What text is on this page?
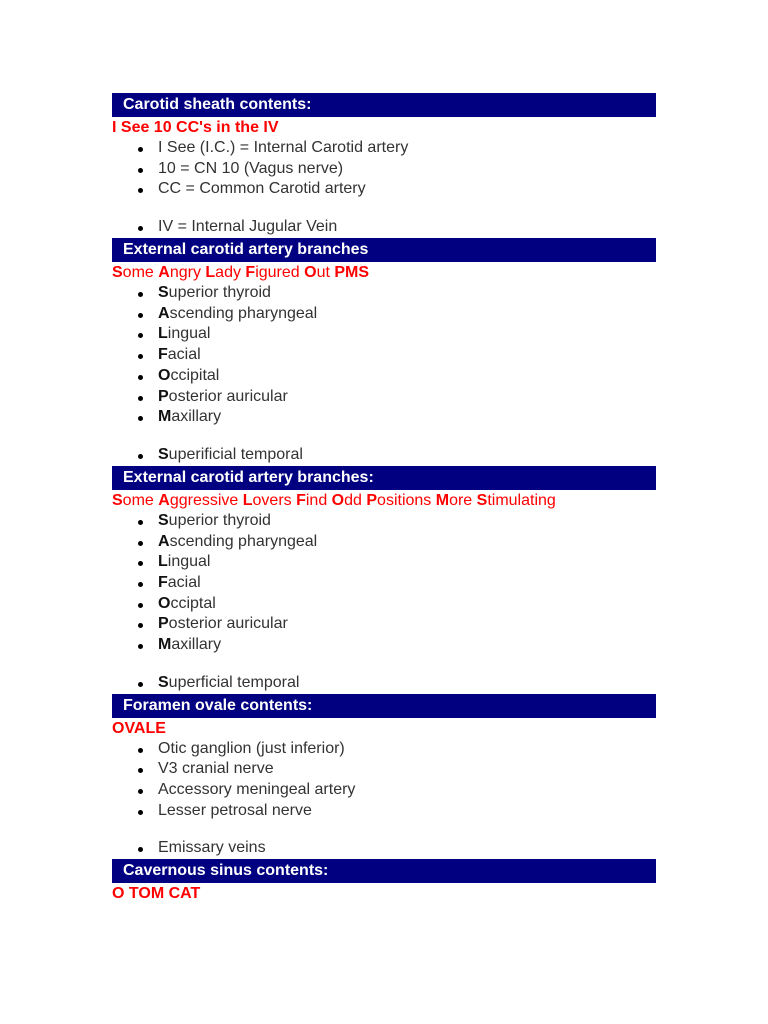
Carotid sheath contents:
I See 10 CC's in the IV
I See (I.C.) = Internal Carotid artery
10 = CN 10 (Vagus nerve)
CC = Common Carotid artery
IV = Internal Jugular Vein
External carotid artery branches
Some Angry Lady Figured Out PMS
Superior thyroid
Ascending pharyngeal
Lingual
Facial
Occipital
Posterior auricular
Maxillary
Superificial temporal
External carotid artery branches:
Some Aggressive Lovers Find Odd Positions More Stimulating
Superior thyroid
Ascending pharyngeal
Lingual
Facial
Occiptal
Posterior auricular
Maxillary
Superficial temporal
Foramen ovale contents:
OVALE
Otic ganglion (just inferior)
V3 cranial nerve
Accessory meningeal artery
Lesser petrosal nerve
Emissary veins
Cavernous sinus contents:
O TOM CAT
